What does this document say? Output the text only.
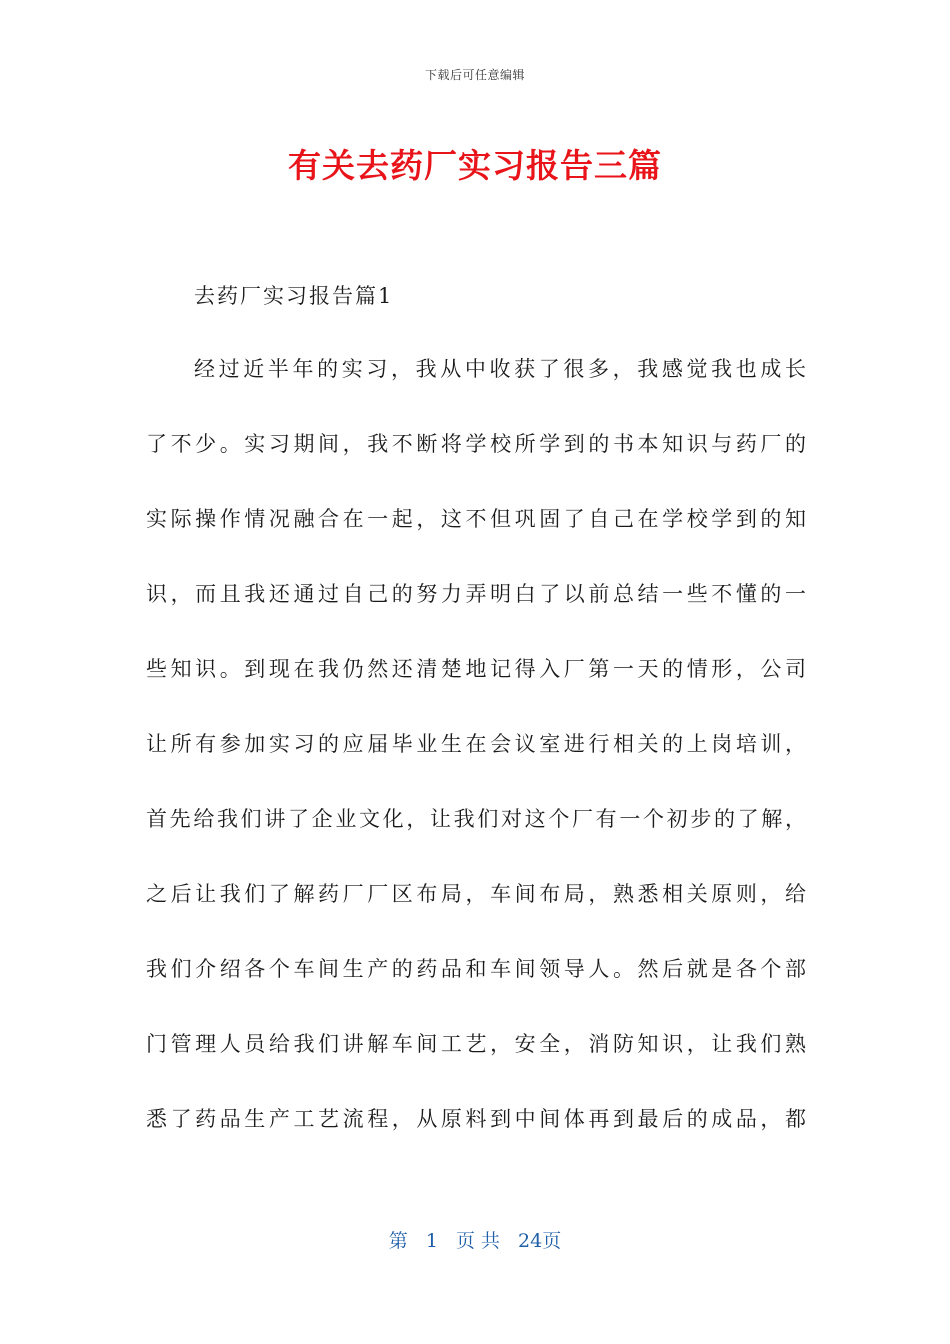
下载后可任意编辑
有关去药厂实习报告三篇
去药厂实习报告篇1
经过近半年的实习，我从中收获了很多，我感觉我也成长
了不少。实习期间，我不断将学校所学到的书本知识与药厂的
实际操作情况融合在一起，这不但巩固了自己在学校学到的知
识，而且我还通过自己的努力弄明白了以前总结一些不懂的一
些知识。到现在我仍然还清楚地记得入厂第一天的情形，公司
让所有参加实习的应届毕业生在会议室进行相关的上岗培训，
首先给我们讲了企业文化，让我们对这个厂有一个初步的了解，
之后让我们了解药厂厂区布局，车间布局，熟悉相关原则，给
我们介绍各个车间生产的药品和车间领导人。然后就是各个部
门管理人员给我们讲解车间工艺，安全，消防知识，让我们熟
悉了药品生产工艺流程，从原料到中间体再到最后的成品，都
第 1 页 共 24页
